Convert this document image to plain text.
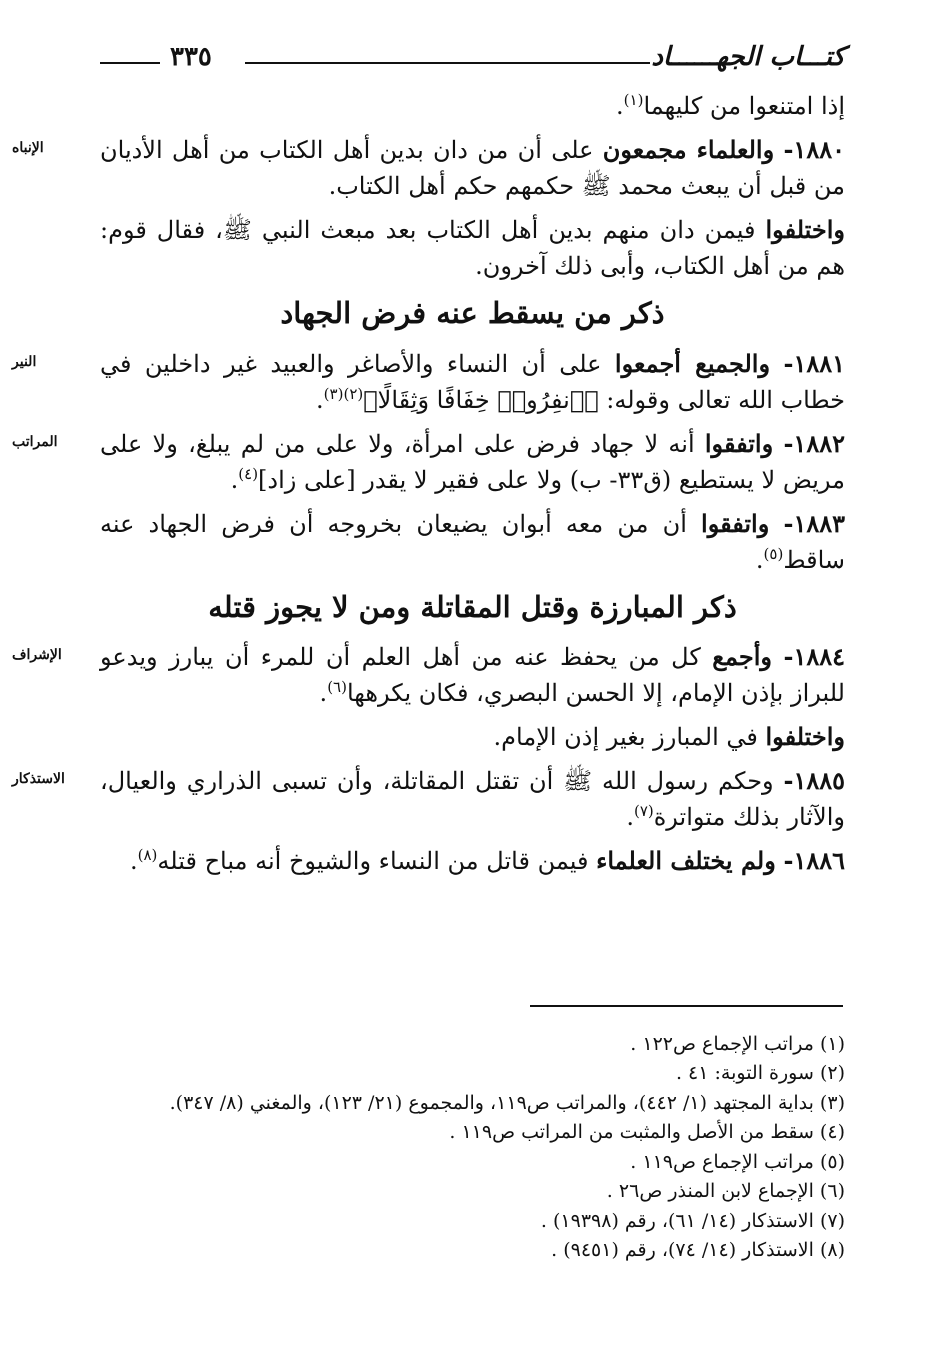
٣٣٥	كتـــاب الجهــــــاد

إذا امتنعوا من كليهما$^{(١)}$.

الإنباه	١٨٨٠- والعلماء مجمعون على أن من دان بدين أهل الكتاب من أهل الأديان من قبل أن يبعث محمد ﷺ حكمهم حكم أهل الكتاب.

واختلفوا فيمن دان منهم بدين أهل الكتاب بعد مبعث النبي ﷺ، فقال قوم: هم من أهل الكتاب، وأبى ذلك آخرون.

ذكر من يسقط عنه فرض الجهاد

النير	١٨٨١- والجميع أجمعوا على أن النساء والأصاغر والعبيد غير داخلين في خطاب الله تعالى وقوله: ﴿ٱنفِرُوا۟ خِفَافًا وَثِقَالًا﴾$^{(٢)(٣)}$.

المراتب	١٨٨٢- واتفقوا أنه لا جهاد فرض على امرأة، ولا على من لم يبلغ، ولا على مريض لا يستطيع (ق٣٣- ب) ولا على فقير لا يقدر [على زاد]$^{(٤)}$.

١٨٨٣- واتفقوا أن من معه أبوان يضيعان بخروجه أن فرض الجهاد عنه ساقط$^{(٥)}$.

ذكر المبارزة وقتل المقاتلة ومن لا يجوز قتله

الإشراف	١٨٨٤- وأجمع كل من يحفظ عنه من أهل العلم أن للمرء أن يبارز ويدعو للبراز بإذن الإمام، إلا الحسن البصري، فكان يكرهها$^{(٦)}$.

واختلفوا في المبارز بغير إذن الإمام.

الاستذكار	١٨٨٥- وحكم رسول الله ﷺ أن تقتل المقاتلة، وأن تسبى الذراري والعيال، والآثار بذلك متواترة$^{(٧)}$.

١٨٨٦- ولم يختلف العلماء فيمن قاتل من النساء والشيوخ أنه مباح قتله$^{(٨)}$.

(١) مراتب الإجماع ص١٢٢ .

(٢) سورة التوبة: ٤١ .

(٣) بداية المجتهد (١/ ٤٤٢)، والمراتب ص١١٩، والمجموع (٢١/ ١٢٣)، والمغني (٨/ ٣٤٧).

(٤) سقط من الأصل والمثبت من المراتب ص١١٩ .

(٥) مراتب الإجماع ص١١٩ .

(٦) الإجماع لابن المنذر ص٢٦ .

(٧) الاستذكار (١٤/ ٦١)، رقم (١٩٣٩٨) .

(٨) الاستذكار (١٤/ ٧٤)، رقم (٩٤٥١) .
